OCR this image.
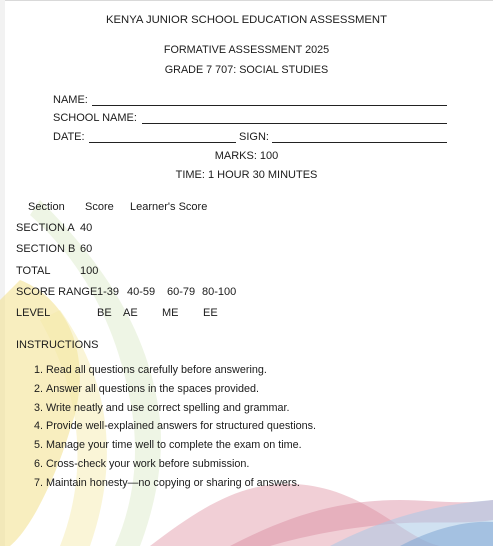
KENYA JUNIOR SCHOOL EDUCATION ASSESSMENT
FORMATIVE ASSESSMENT 2025
GRADE 7 707: SOCIAL STUDIES
NAME:
SCHOOL NAME:
DATE:	SIGN:
MARKS: 100
TIME: 1 HOUR 30 MINUTES
Section Score Learner's Score
SECTION A 40
SECTION B 60
TOTAL	100
SCORE RANGE 1-39 40-59 60-79 80-100
LEVEL	BE AE ME EE
INSTRUCTIONS
1. Read all questions carefully before answering.
2. Answer all questions in the spaces provided.
3. Write neatly and use correct spelling and grammar.
4. Provide well-explained answers for structured questions.
5. Manage your time well to complete the exam on time.
6. Cross-check your work before submission.
7. Maintain honesty—no copying or sharing of answers.
